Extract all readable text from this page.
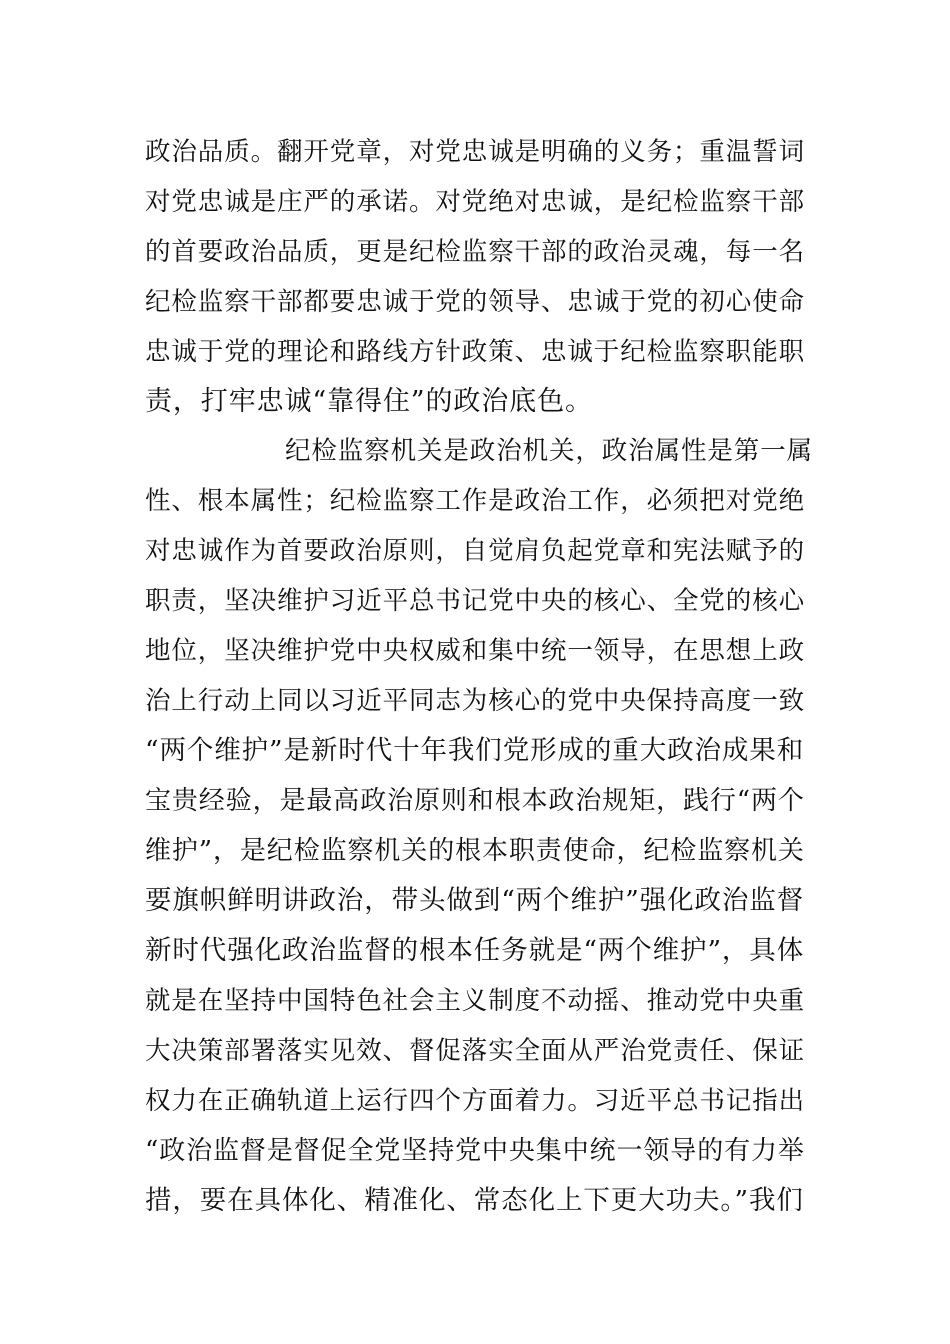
政治品质。翻开党章，对党忠诚是明确的义务；重温誓词
对党忠诚是庄严的承诺。对党绝对忠诚，是纪检监察干部
的首要政治品质，更是纪检监察干部的政治灵魂，每一名
纪检监察干部都要忠诚于党的领导、忠诚于党的初心使命
忠诚于党的理论和路线方针政策、忠诚于纪检监察职能职
责，打牢忠诚“靠得住”的政治底色。
纪检监察机关是政治机关，政治属性是第一属
性、根本属性；纪检监察工作是政治工作，必须把对党绝
对忠诚作为首要政治原则，自觉肩负起党章和宪法赋予的
职责，坚决维护习近平总书记党中央的核心、全党的核心
地位，坚决维护党中央权威和集中统一领导，在思想上政
治上行动上同以习近平同志为核心的党中央保持高度一致
“两个维护”是新时代十年我们党形成的重大政治成果和
宝贵经验，是最高政治原则和根本政治规矩，践行“两个
维护”，是纪检监察机关的根本职责使命，纪检监察机关
要旗帜鲜明讲政治，带头做到“两个维护”强化政治监督
新时代强化政治监督的根本任务就是“两个维护”，具体
就是在坚持中国特色社会主义制度不动摇、推动党中央重
大决策部署落实见效、督促落实全面从严治党责任、保证
权力在正确轨道上运行四个方面着力。习近平总书记指出
“政治监督是督促全党坚持党中央集中统一领导的有力举
措，要在具体化、精准化、常态化上下更大功夫。”我们
